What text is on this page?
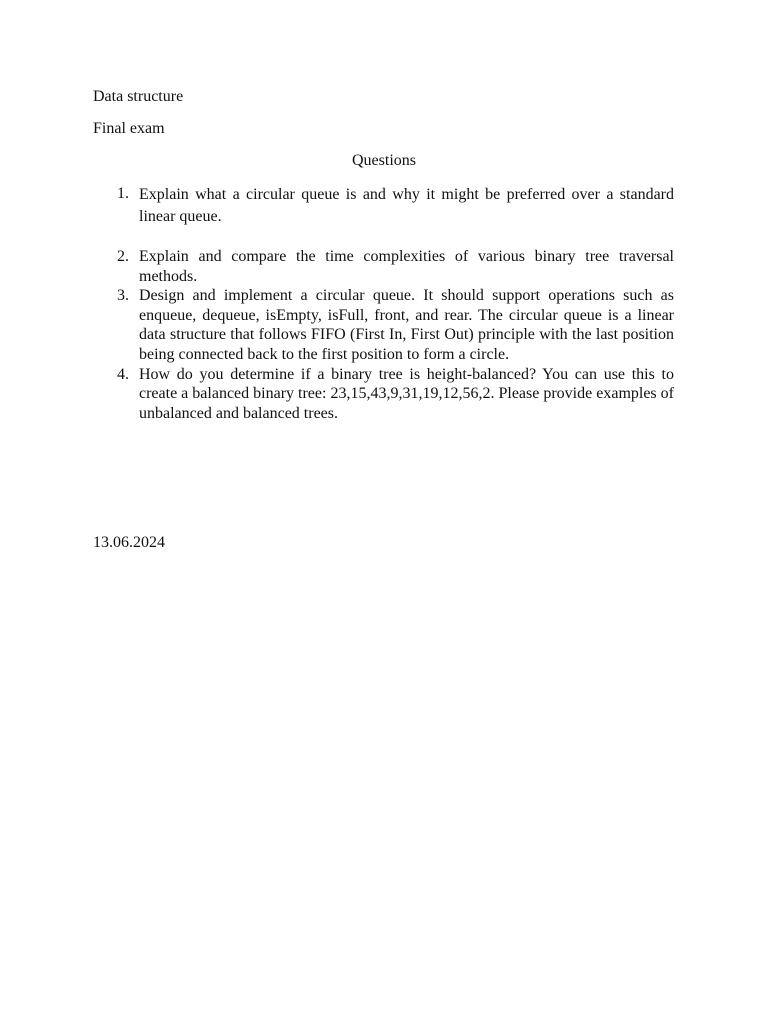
Data structure
Final exam
Questions
1. Explain what a circular queue is and why it might be preferred over a standard linear queue.
2. Explain and compare the time complexities of various binary tree traversal methods.
3. Design and implement a circular queue. It should support operations such as enqueue, dequeue, isEmpty, isFull, front, and rear. The circular queue is a linear data structure that follows FIFO (First In, First Out) principle with the last position being connected back to the first position to form a circle.
4. How do you determine if a binary tree is height-balanced? You can use this to create a balanced binary tree: 23,15,43,9,31,19,12,56,2. Please provide examples of unbalanced and balanced trees.
13.06.2024
